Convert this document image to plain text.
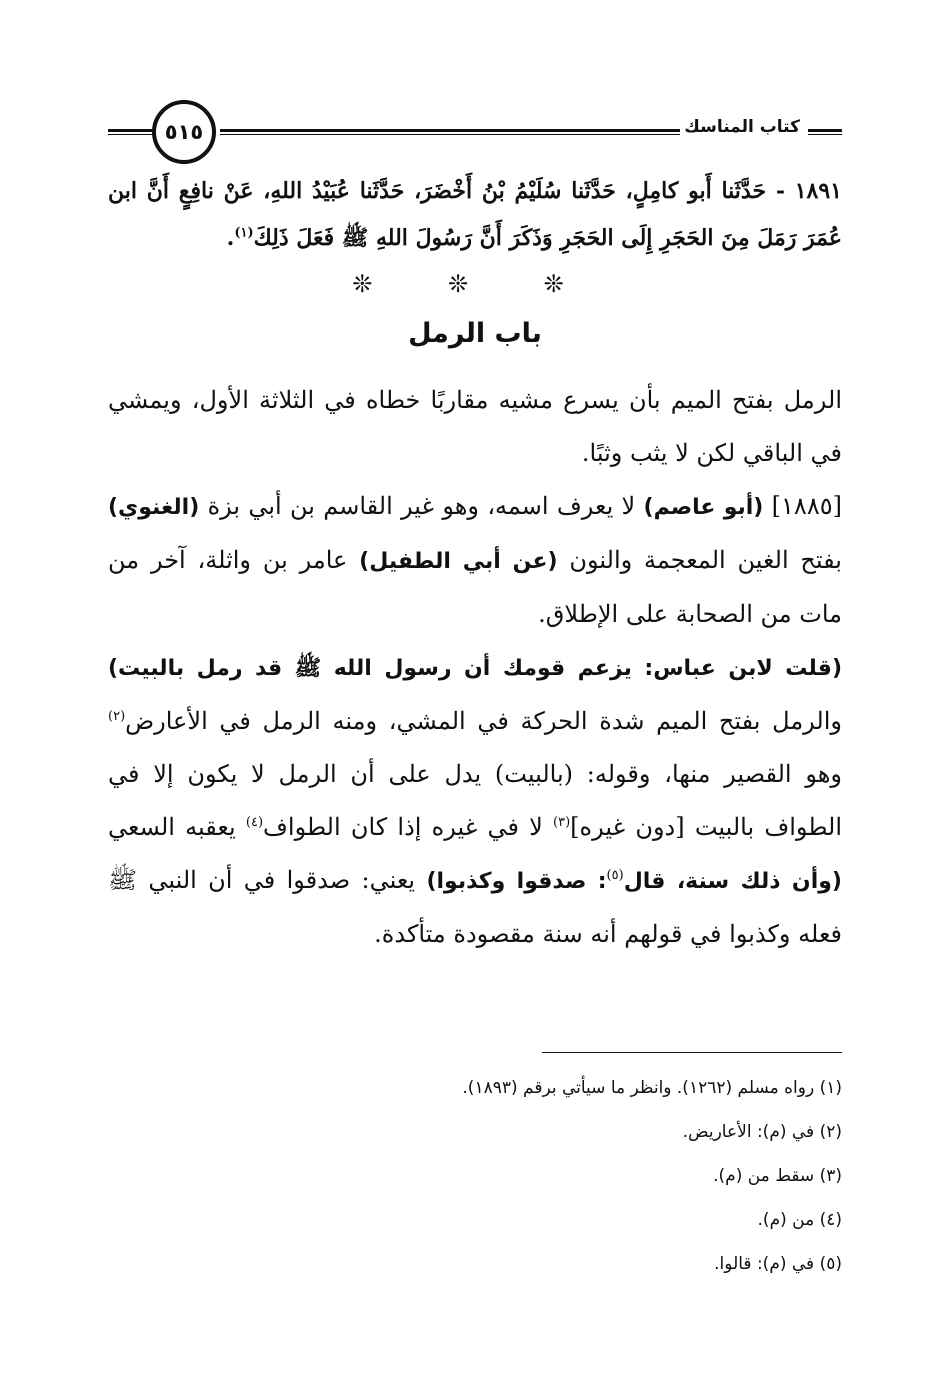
٥١٥	كتاب المناسك

١٨٩١ - حَدَّثَنا أَبو كامِلٍ، حَدَّثَنا سُلَيْمُ بْنُ أَخْضَرَ، حَدَّثَنا عُبَيْدُ اللهِ، عَنْ نافِعٍ أَنَّ ابن عُمَرَ رَمَلَ مِنَ الحَجَرِ إِلَى الحَجَرِ وَذَكَرَ أَنَّ رَسُولَ اللهِ ﷺ فَعَلَ ذَلِكَ$^{(١)}$.

❊ ❊ ❊
باب الرمل

الرمل بفتح الميم بأن يسرع مشيه مقاربًا خطاه في الثلاثة الأول، ويمشي في الباقي لكن لا يثب وثبًا.

[١٨٨٥] (أبو عاصم) لا يعرف اسمه، وهو غير القاسم بن أبي بزة (الغنوي) بفتح الغين المعجمة والنون (عن أبي الطفيل) عامر بن واثلة، آخر من مات من الصحابة على الإطلاق.

(قلت لابن عباس: يزعم قومك أن رسول الله ﷺ قد رمل بالبيت) والرمل بفتح الميم شدة الحركة في المشي، ومنه الرمل في الأعارض$^{(٢)}$ وهو القصير منها، وقوله: (بالبيت) يدل على أن الرمل لا يكون إلا في الطواف بالبيت [دون غيره]$^{(٣)}$ لا في غيره إذا كان الطواف$^{(٤)}$ يعقبه السعي (وأن ذلك سنة، قال$^{(٥)}$: صدقوا وكذبوا) يعني: صدقوا في أن النبي ﷺ فعله وكذبوا في قولهم أنه سنة مقصودة متأكدة.

(١) رواه مسلم (١٢٦٢). وانظر ما سيأتي برقم (١٨٩٣).
(٢) في (م): الأعاريض.
(٣) سقط من (م).
(٤) من (م).
(٥) في (م): قالوا.
